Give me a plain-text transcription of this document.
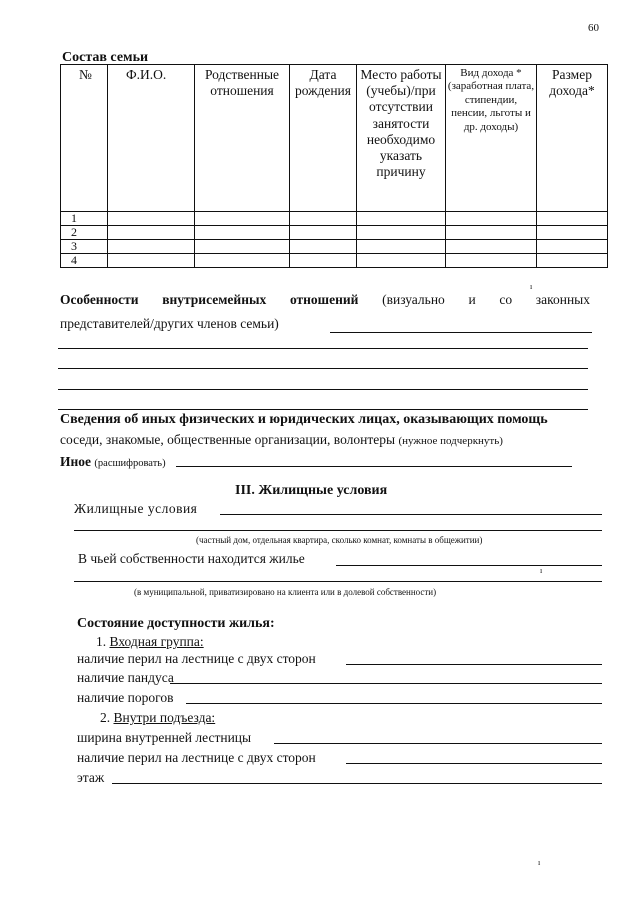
60
Состав семьи
№	Ф.И.О.	Родственные отношения	Дата рождения	Место работы (учебы)/при отсутствии занятости необходимо указать причину	Вид дохода *(заработная плата, стипендии, пенсии, льготы и др. доходы)	Размер дохода*
1						
2						
3						
4						
ı
Особенности внутрисемейных отношений (визуально и со законных
представителей/других членов семьи)
Сведения об иных физических и юридических лицах, оказывающих помощь
соседи, знакомые, общественные организации, волонтеры (нужное подчеркнуть)
Иное (расшифровать)
III. Жилищные условия
Жилищные условия
(частный дом, отдельная квартира, сколько комнат, комнаты в общежитии)
В чьей собственности находится жилье
ı
(в муниципальной, приватизировано на клиента или в долевой собственности)
Состояние доступности жилья:
1. Входная группа:
наличие перил на лестнице с двух сторон
наличие пандуса
наличие порогов
2. Внутри подъезда:
ширина внутренней лестницы
наличие перил на лестнице с двух сторон
этаж
ı
